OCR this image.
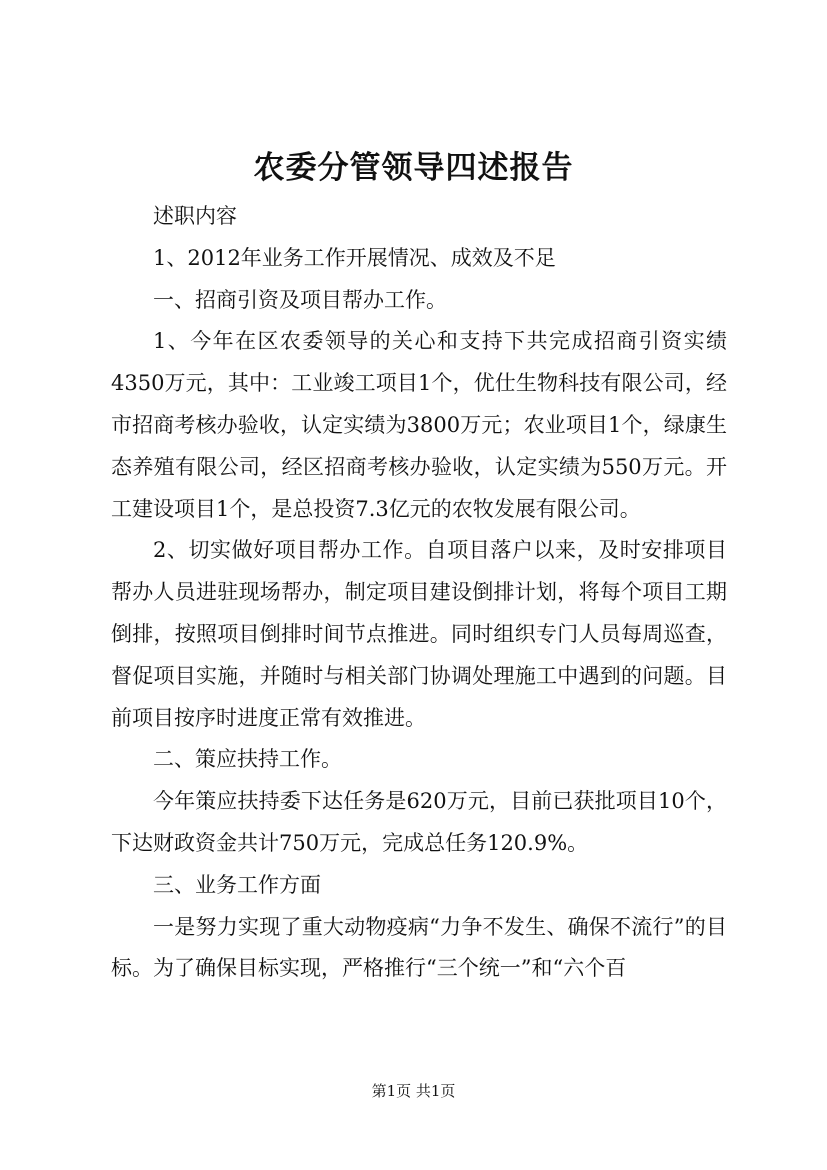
农委分管领导四述报告

述职内容

1、2012年业务工作开展情况、成效及不足

一、招商引资及项目帮办工作。

1、今年在区农委领导的关心和支持下共完成招商引资实绩4350万元，其中：工业竣工项目1个，优仕生物科技有限公司，经市招商考核办验收，认定实绩为3800万元；农业项目1个，绿康生态养殖有限公司，经区招商考核办验收，认定实绩为550万元。开工建设项目1个，是总投资7.3亿元的农牧发展有限公司。

2、切实做好项目帮办工作。自项目落户以来，及时安排项目帮办人员进驻现场帮办，制定项目建设倒排计划，将每个项目工期倒排，按照项目倒排时间节点推进。同时组织专门人员每周巡查，督促项目实施，并随时与相关部门协调处理施工中遇到的问题。目前项目按序时进度正常有效推进。

二、策应扶持工作。

今年策应扶持委下达任务是620万元，目前已获批项目10个，下达财政资金共计750万元，完成总任务120.9%。

三、业务工作方面

一是努力实现了重大动物疫病“力争不发生、确保不流行”的目标。为了确保目标实现，严格推行“三个统一”和“六个百

第1页 共1页
